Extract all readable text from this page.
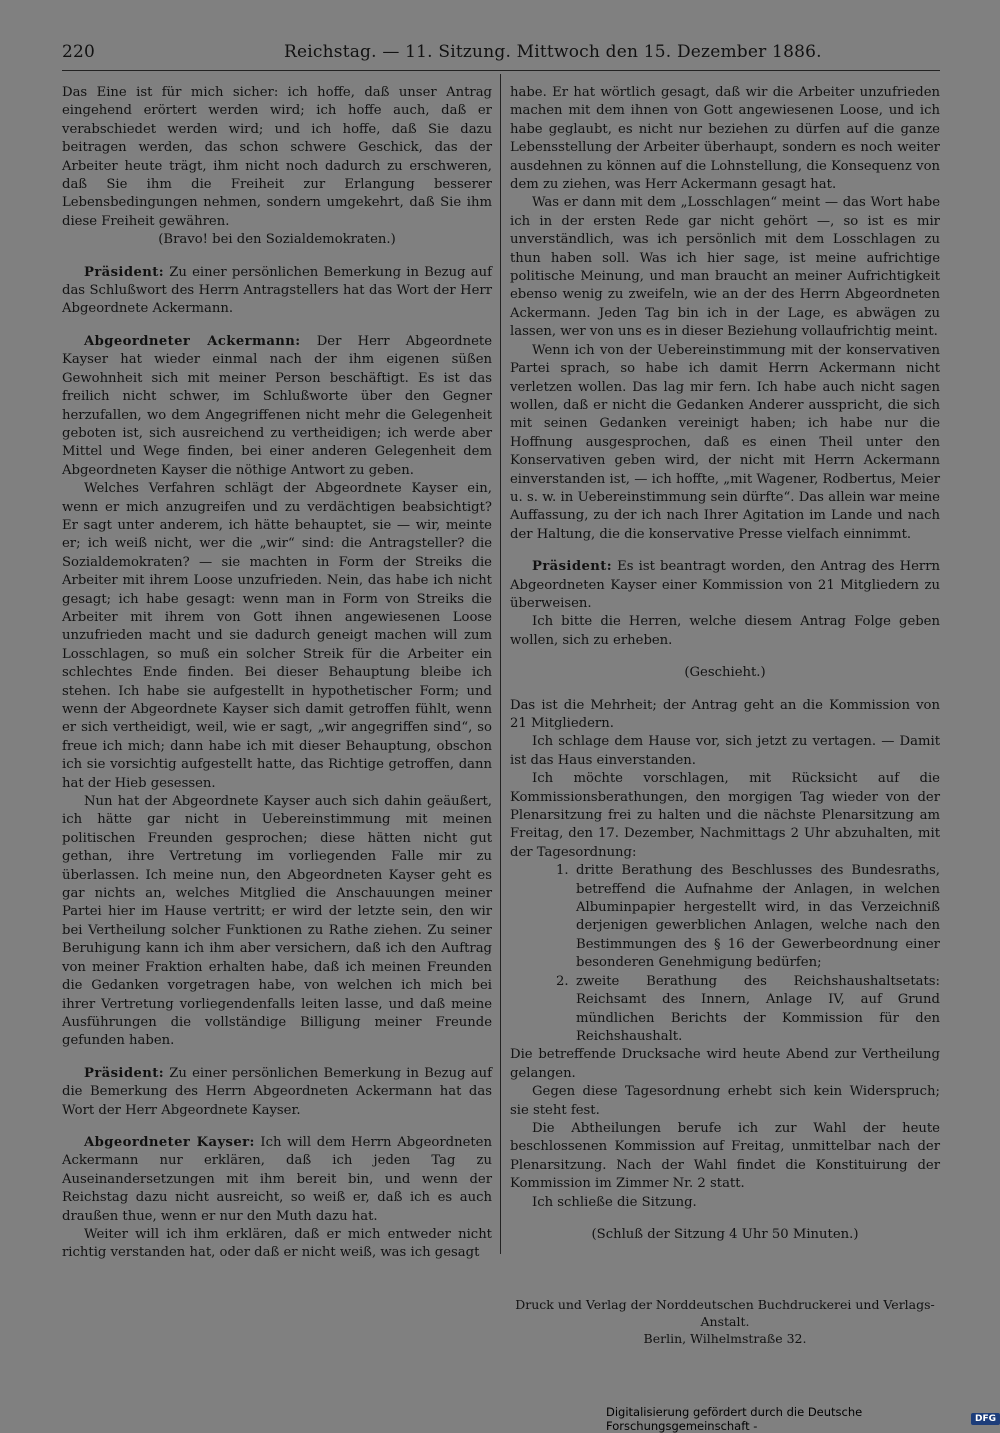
220	Reichstag. — 11. Sitzung. Mittwoch den 15. Dezember 1886.

Das Eine ist für mich sicher: ich hoffe, daß unser Antrag eingehend erörtert werden wird; ich hoffe auch, daß er verabschiedet werden wird; und ich hoffe, daß Sie dazu beitragen werden, das schon schwere Geschick, das der Arbeiter heute trägt, ihm nicht noch dadurch zu erschweren, daß Sie ihm die Freiheit zur Erlangung besserer Lebensbedingungen nehmen, sondern umgekehrt, daß Sie ihm diese Freiheit gewähren.

(Bravo! bei den Sozialdemokraten.)

Präsident: Zu einer persönlichen Bemerkung in Bezug auf das Schlußwort des Herrn Antragstellers hat das Wort der Herr Abgeordnete Ackermann.

Abgeordneter Ackermann: Der Herr Abgeordnete Kayser hat wieder einmal nach der ihm eigenen süßen Gewohnheit sich mit meiner Person beschäftigt. Es ist das freilich nicht schwer, im Schlußworte über den Gegner herzufallen, wo dem Angegriffenen nicht mehr die Gelegenheit geboten ist, sich ausreichend zu vertheidigen; ich werde aber Mittel und Wege finden, bei einer anderen Gelegenheit dem Abgeordneten Kayser die nöthige Antwort zu geben.

Welches Verfahren schlägt der Abgeordnete Kayser ein, wenn er mich anzugreifen und zu verdächtigen beabsichtigt? Er sagt unter anderem, ich hätte behauptet, sie — wir, meinte er; ich weiß nicht, wer die „wir“ sind: die Antragsteller? die Sozialdemokraten? — sie machten in Form der Streiks die Arbeiter mit ihrem Loose unzufrieden. Nein, das habe ich nicht gesagt; ich habe gesagt: wenn man in Form von Streiks die Arbeiter mit ihrem von Gott ihnen angewiesenen Loose unzufrieden macht und sie dadurch geneigt machen will zum Losschlagen, so muß ein solcher Streik für die Arbeiter ein schlechtes Ende finden. Bei dieser Behauptung bleibe ich stehen. Ich habe sie aufgestellt in hypothetischer Form; und wenn der Abgeordnete Kayser sich damit getroffen fühlt, wenn er sich vertheidigt, weil, wie er sagt, „wir angegriffen sind“, so freue ich mich; dann habe ich mit dieser Behauptung, obschon ich sie vorsichtig aufgestellt hatte, das Richtige getroffen, dann hat der Hieb gesessen.

Nun hat der Abgeordnete Kayser auch sich dahin geäußert, ich hätte gar nicht in Uebereinstimmung mit meinen politischen Freunden gesprochen; diese hätten nicht gut gethan, ihre Vertretung im vorliegenden Falle mir zu überlassen. Ich meine nun, den Abgeordneten Kayser geht es gar nichts an, welches Mitglied die Anschauungen meiner Partei hier im Hause vertritt; er wird der letzte sein, den wir bei Vertheilung solcher Funktionen zu Rathe ziehen. Zu seiner Beruhigung kann ich ihm aber versichern, daß ich den Auftrag von meiner Fraktion erhalten habe, daß ich meinen Freunden die Gedanken vorgetragen habe, von welchen ich mich bei ihrer Vertretung vorliegendenfalls leiten lasse, und daß meine Ausführungen die vollständige Billigung meiner Freunde gefunden haben.

Präsident: Zu einer persönlichen Bemerkung in Bezug auf die Bemerkung des Herrn Abgeordneten Ackermann hat das Wort der Herr Abgeordnete Kayser.

Abgeordneter Kayser: Ich will dem Herrn Abgeordneten Ackermann nur erklären, daß ich jeden Tag zu Auseinandersetzungen mit ihm bereit bin, und wenn der Reichstag dazu nicht ausreicht, so weiß er, daß ich es auch draußen thue, wenn er nur den Muth dazu hat.

Weiter will ich ihm erklären, daß er mich entweder nicht richtig verstanden hat, oder daß er nicht weiß, was ich gesagt

habe. Er hat wörtlich gesagt, daß wir die Arbeiter unzufrieden machen mit dem ihnen von Gott angewiesenen Loose, und ich habe geglaubt, es nicht nur beziehen zu dürfen auf die ganze Lebensstellung der Arbeiter überhaupt, sondern es noch weiter ausdehnen zu können auf die Lohnstellung, die Konsequenz von dem zu ziehen, was Herr Ackermann gesagt hat.

Was er dann mit dem „Losschlagen“ meint — das Wort habe ich in der ersten Rede gar nicht gehört —, so ist es mir unverständlich, was ich persönlich mit dem Losschlagen zu thun haben soll. Was ich hier sage, ist meine aufrichtige politische Meinung, und man braucht an meiner Aufrichtigkeit ebenso wenig zu zweifeln, wie an der des Herrn Abgeordneten Ackermann. Jeden Tag bin ich in der Lage, es abwägen zu lassen, wer von uns es in dieser Beziehung vollaufrichtig meint.

Wenn ich von der Uebereinstimmung mit der konservativen Partei sprach, so habe ich damit Herrn Ackermann nicht verletzen wollen. Das lag mir fern. Ich habe auch nicht sagen wollen, daß er nicht die Gedanken Anderer ausspricht, die sich mit seinen Gedanken vereinigt haben; ich habe nur die Hoffnung ausgesprochen, daß es einen Theil unter den Konservativen geben wird, der nicht mit Herrn Ackermann einverstanden ist, — ich hoffte, „mit Wagener, Rodbertus, Meier u. s. w. in Uebereinstimmung sein dürfte“. Das allein war meine Auffassung, zu der ich nach Ihrer Agitation im Lande und nach der Haltung, die die konservative Presse vielfach einnimmt.

Präsident: Es ist beantragt worden, den Antrag des Herrn Abgeordneten Kayser einer Kommission von 21 Mitgliedern zu überweisen.

Ich bitte die Herren, welche diesem Antrag Folge geben wollen, sich zu erheben.

(Geschieht.)

Das ist die Mehrheit; der Antrag geht an die Kommission von 21 Mitgliedern.

Ich schlage dem Hause vor, sich jetzt zu vertagen. — Damit ist das Haus einverstanden.

Ich möchte vorschlagen, mit Rücksicht auf die Kommissionsberathungen, den morgigen Tag wieder von der Plenarsitzung frei zu halten und die nächste Plenarsitzung am Freitag, den 17. Dezember, Nachmittags 2 Uhr abzuhalten, mit der Tagesordnung:

1. dritte Berathung des Beschlusses des Bundesraths, betreffend die Aufnahme der Anlagen, in welchen Albuminpapier hergestellt wird, in das Verzeichniß derjenigen gewerblichen Anlagen, welche nach den Bestimmungen des § 16 der Gewerbeordnung einer besonderen Genehmigung bedürfen;

2. zweite Berathung des Reichshaushaltsetats: Reichsamt des Innern, Anlage IV, auf Grund mündlichen Berichts der Kommission für den Reichshaushalt.

Die betreffende Drucksache wird heute Abend zur Vertheilung gelangen.

Gegen diese Tagesordnung erhebt sich kein Widerspruch; sie steht fest.

Die Abtheilungen berufe ich zur Wahl der heute beschlossenen Kommission auf Freitag, unmittelbar nach der Plenarsitzung. Nach der Wahl findet die Konstituirung der Kommission im Zimmer Nr. 2 statt.

Ich schließe die Sitzung.

(Schluß der Sitzung 4 Uhr 50 Minuten.)

Druck und Verlag der Norddeutschen Buchdruckerei und Verlags-Anstalt.
Berlin, Wilhelmstraße 32.
Digitalisierung gefördert durch die Deutsche Forschungsgemeinschaft -	DFG
